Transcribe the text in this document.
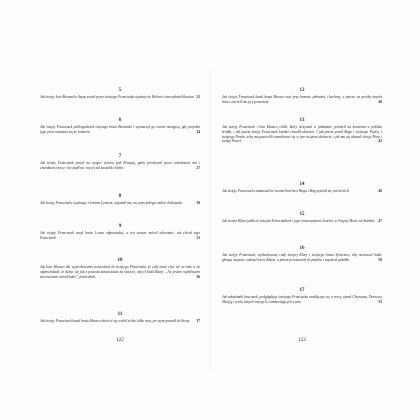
5

Jak święty brat Bernard z Asyżu został przez świętego Franciszka wysłany do Bolonii i tam założył klasztor. 21

6

Jak święty Franciszek pobłogosławił świętego brata Bernarda i wyznaczył go swoim następcą, gdy przyszła jego pora rozstania się ze światem.	24

7

Jak święty Franciszek pościł na wyspie jeziora pod Perugią, gdzie przebywał przez czterdzieści dni i czterdzieści nocy i nie zjadł nic więcej niż kawałek chleba.	27

8

Jak święty Franciszek, wędrując z bratem Leonem, wyjaśnił mu, na czym polega radość doskonała.	29

9

Jak święty Franciszek uczył brata Leona odpowiadać, a ten zawsze mówił odwrotnie, niż chciał tego Franciszek.	33

10

Jak brat Masseo dla wypróbowania powiedział do świętego Franciszka, że cały świat chce iść za nim, a on odpowiedział, że dzieje się tak z powodu zamieszania na świecie, aby (z łaski Bożej: „Ao jestem najlichszym stworzeniem wśród ludzi”, powiedział.	36

11

Jak święty Franciszek kazał bratu Masseo obrócić się wokół siebie kilka razy, po czym poszedł do Sieny. 37

12

Jak święty Franciszek kazał bratu Masseo stać przy bramie, jałmużnę i kuchnię; a potem, na prośby innych braci, zwrócił mu ją z powrotem.	40

13

Jak święty Franciszek i brat Masseo chleb, który otrzymali w jałmużnie, położyli na kamieniu w pobliżu źródła, i jak potem święty Franciszek bardzo chwalił ubóstwo. I jak potem prosił Boga i świętego Piotra, i świętego Pawła, żeby mu pozwolili rozmiłować się w tym świętym ubóstwie, i jak mu się ukazali święty Piotr i święty Paweł.	42

14

Jak święty Franciszek rozmawiał ze swoimi braćmi o Bogu i Bóg pojawił się wśród nich.	46

15

Jak święta Klara jadła ze świętym Franciszkiem i jego towarzyszami, braćmi, w Świętej Marii od Aniołów. 47

16

Jak święty Franciszek, wysłuchawszy rady świętej Klary i świętego brata Sylwestra, aby nawracał ludzi, głosząc kazanie, założył trzeci Zakon, a potem przemawiał do ptaków i uspokoił jaskółki.	50

17

Jak młodziutki braciszek, podglądając świętego Franciszka modlącego się w nocy, ujrzał Chrystusa, Dziewicę Maryję i wielu innych świętych, rozmawiających z nim.	55

122	123
